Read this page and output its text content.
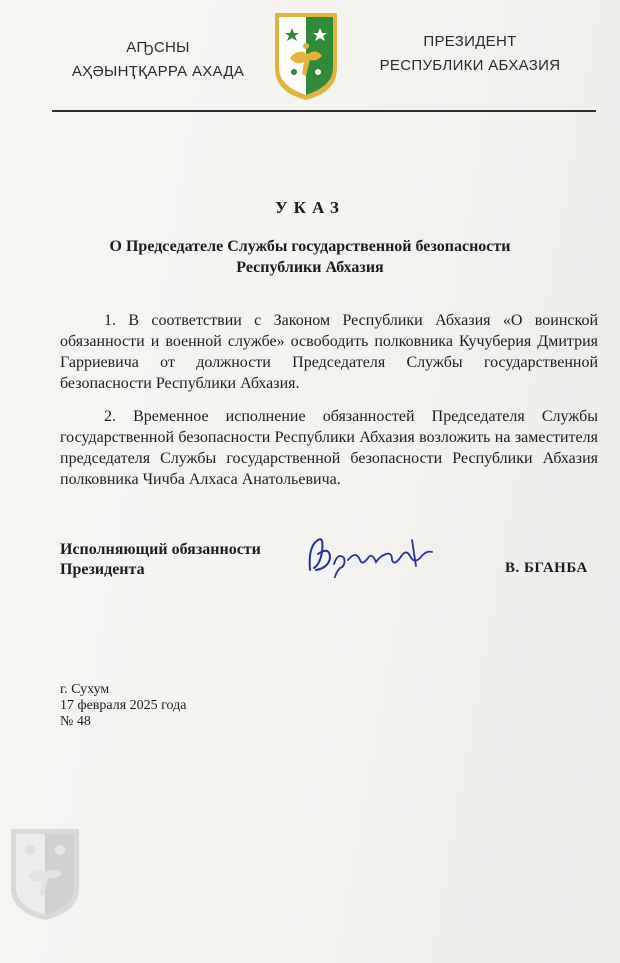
АҦСНЫ
АҲӘЫНҬҚАРРА АХАДА
ПРЕЗИДЕНТ
РЕСПУБЛИКИ АБХАЗИЯ
УКАЗ
О Председателе Службы государственной безопасности
Республики Абхазия
1. В соответствии с Законом Республики Абхазия «О воинской обязанности и военной службе» освободить полковника Кучуберия Дмитрия Гарриевича от должности Председателя Службы государственной безопасности Республики Абхазия.
2. Временное исполнение обязанностей Председателя Службы государственной безопасности Республики Абхазия возложить на заместителя председателя Службы государственной безопасности Республики Абхазия полковника Чичба Алхаса Анатольевича.
Исполняющий обязанности
Президента	В. БГАНБА
г. Сухум
17 февраля 2025 года
№ 48
